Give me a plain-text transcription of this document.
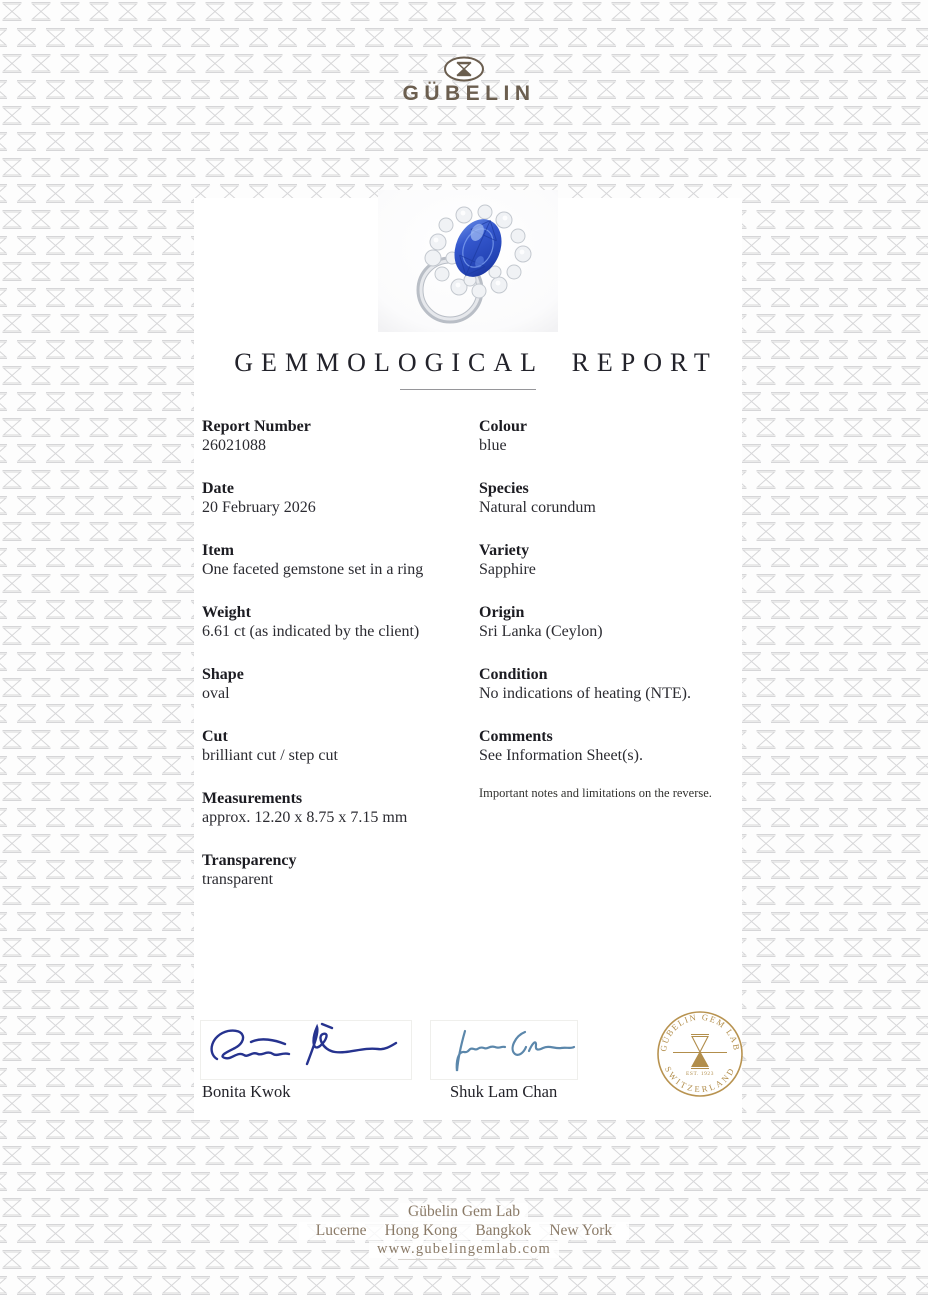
GÜBELIN
GEMMOLOGICAL REPORT
Report Number
26021088
Date
20 February 2026
Item
One faceted gemstone set in a ring
Weight
6.61 ct (as indicated by the client)
Shape
oval
Cut
brilliant cut / step cut
Measurements
approx. 12.20 x 8.75 x 7.15 mm
Transparency
transparent
Colour
blue
Species
Natural corundum
Variety
Sapphire
Origin
Sri Lanka (Ceylon)
Condition
No indications of heating (NTE).
Comments
See Information Sheet(s).
Important notes and limitations on the reverse.
Bonita Kwok	Shuk Lam Chan
GÜBELIN GEM LAB
SWITZERLAND
EST. 1923
Gübelin Gem Lab
Lucerne Hong Kong Bangkok New York
www.gubelingemlab.com
